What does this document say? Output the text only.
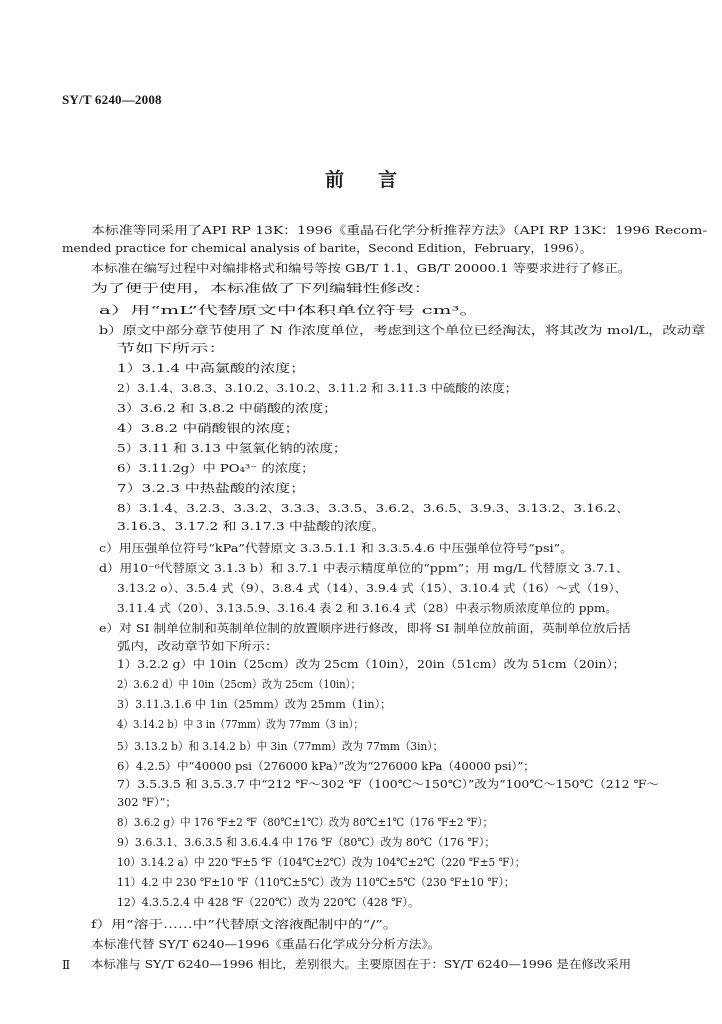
SY/T 6240—2008
前 言
本标准等同采用了API RP 13K：1996《重晶石化学分析推荐方法》（API RP 13K：1996 Recom-
mended practice for chemical analysis of barite，Second Edition，February，1996）。
本标准在编写过程中对编排格式和编号等按 GB/T 1.1、GB/T 20000.1 等要求进行了修正。
为了便于使用，本标准做了下列编辑性修改：
a）用“mL”代替原文中体积单位符号 cm³。
b）原文中部分章节使用了 N 作浓度单位，考虑到这个单位已经淘汰，将其改为 mol/L，改动章
节如下所示：
1）3.1.4 中高氯酸的浓度；
2）3.1.4、3.8.3、3.10.2、3.10.2、3.11.2 和 3.11.3 中硫酸的浓度；
3）3.6.2 和 3.8.2 中硝酸的浓度；
4）3.8.2 中硝酸银的浓度；
5）3.11 和 3.13 中氢氧化钠的浓度；
6）3.11.2g）中 PO₄³⁻ 的浓度；
7）3.2.3 中热盐酸的浓度；
8）3.1.4、3.2.3、3.3.2、3.3.3、3.3.5、3.6.2、3.6.5、3.9.3、3.13.2、3.16.2、
3.16.3、3.17.2 和 3.17.3 中盐酸的浓度。
c）用压强单位符号“kPa”代替原文 3.3.5.1.1 和 3.3.5.4.6 中压强单位符号“psi”。
d）用10⁻⁶代替原文 3.1.3 b）和 3.7.1 中表示精度单位的“ppm”；用 mg/L 代替原文 3.7.1、
3.13.2 o）、3.5.4 式（9）、3.8.4 式（14）、3.9.4 式（15）、3.10.4 式（16）～式（19）、
3.11.4 式（20）、3.13.5.9、3.16.4 表 2 和 3.16.4 式（28）中表示物质浓度单位的 ppm。
e）对 SI 制单位制和英制单位制的放置顺序进行修改，即将 SI 制单位放前面，英制单位放后括
弧内，改动章节如下所示：
1）3.2.2 g）中 10in（25cm）改为 25cm（10in），20in（51cm）改为 51cm（20in）；
2）3.6.2 d）中 10in（25cm）改为 25cm（10in）；
3）3.11.3.1.6 中 1in（25mm）改为 25mm（1in）；
4）3.14.2 b）中 3 in（77mm）改为 77mm（3 in）；
5）3.13.2 b）和 3.14.2 b）中 3in（77mm）改为 77mm（3in）；
6）4.2.5）中“40000 psi（276000 kPa）”改为“276000 kPa（40000 psi）”；
7）3.5.3.5 和 3.5.3.7 中“212 ℉～302 ℉（100℃～150℃）”改为“100℃～150℃（212 ℉～
302 ℉）”；
8）3.6.2 g）中 176 ℉±2 ℉（80℃±1℃）改为 80℃±1℃（176 ℉±2 ℉）；
9）3.6.3.1、3.6.3.5 和 3.6.4.4 中 176 ℉（80℃）改为 80℃（176 ℉）；
10）3.14.2 a）中 220 ℉±5 ℉（104℃±2℃）改为 104℃±2℃（220 ℉±5 ℉）；
11）4.2 中 230 ℉±10 ℉（110℃±5℃）改为 110℃±5℃（230 ℉±10 ℉）；
12）4.3.5.2.4 中 428 ℉（220℃）改为 220℃（428 ℉）。
f）用“溶于……中”代替原文溶液配制中的“/”。
本标准代替 SY/T 6240—1996《重晶石化学成分分析方法》。
本标准与 SY/T 6240—1996 相比，差别很大。主要原因在于：SY/T 6240—1996 是在修改采用
Ⅱ
